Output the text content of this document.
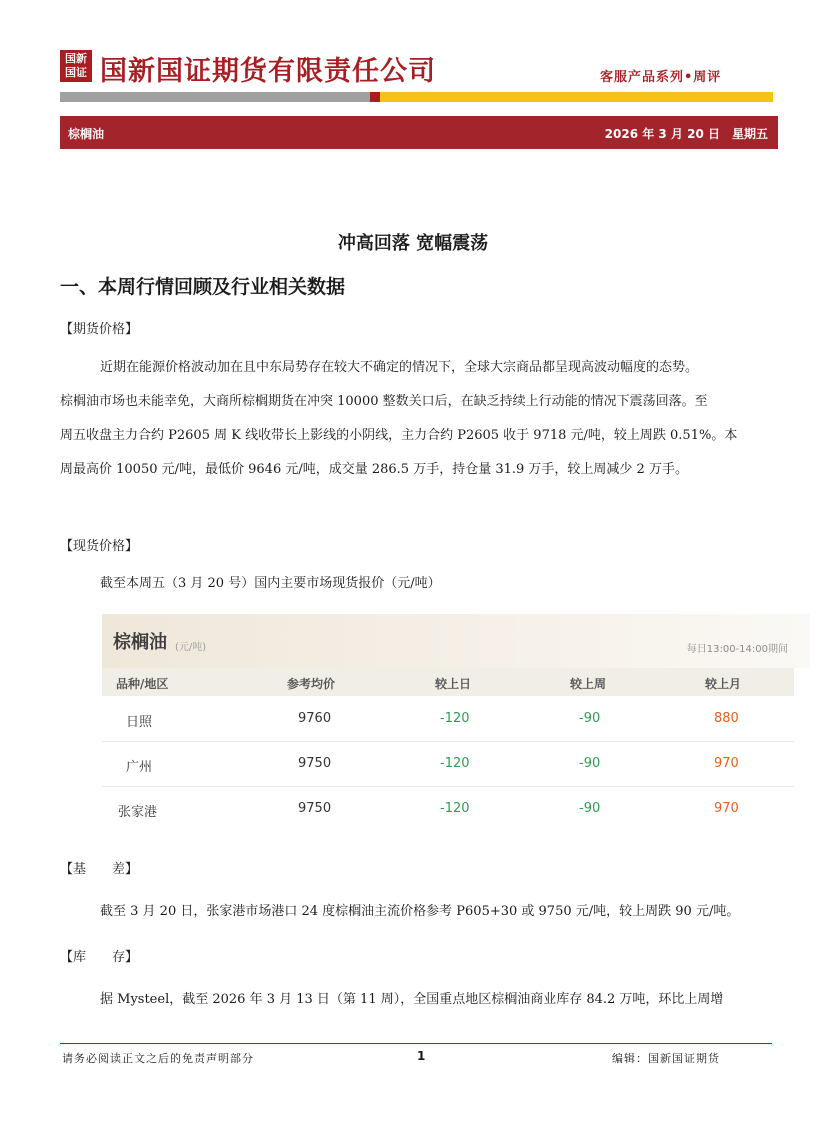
国新
国证 国新国证期货有限责任公司	客服产品系列•周评
棕榈油	2026 年 3 月 20 日　星期五
冲高回落 宽幅震荡
一、本周行情回顾及行业相关数据
【期货价格】
近期在能源价格波动加在且中东局势存在较大不确定的情况下，全球大宗商品都呈现高波动幅度的态势。
棕榈油市场也未能幸免，大商所棕榈期货在冲突 10000 整数关口后，在缺乏持续上行动能的情况下震荡回落。至
周五收盘主力合约 P2605 周 K 线收带长上影线的小阴线，主力合约 P2605 收于 9718 元/吨，较上周跌 0.51%。本
周最高价 10050 元/吨，最低价 9646 元/吨，成交量 286.5 万手，持仓量 31.9 万手，较上周减少 2 万手。
【现货价格】
截至本周五（3 月 20 号）国内主要市场现货报价（元/吨）
棕榈油 (元/吨)	每日13:00-14:00期间
品种/地区	参考均价	较上日	较上周	较上月
日照	9760	-120	-90	880
广州	9750	-120	-90	970
张家港	9750	-120	-90	970
【基　　差】
截至 3 月 20 日，张家港市场港口 24 度棕榈油主流价格参考 P605+30 或 9750 元/吨，较上周跌 90 元/吨。
【库　　存】
据 Mysteel，截至 2026 年 3 月 13 日（第 11 周），全国重点地区棕榈油商业库存 84.2 万吨，环比上周增
请务必阅读正文之后的免责声明部分	1	编辑：国新国证期货
